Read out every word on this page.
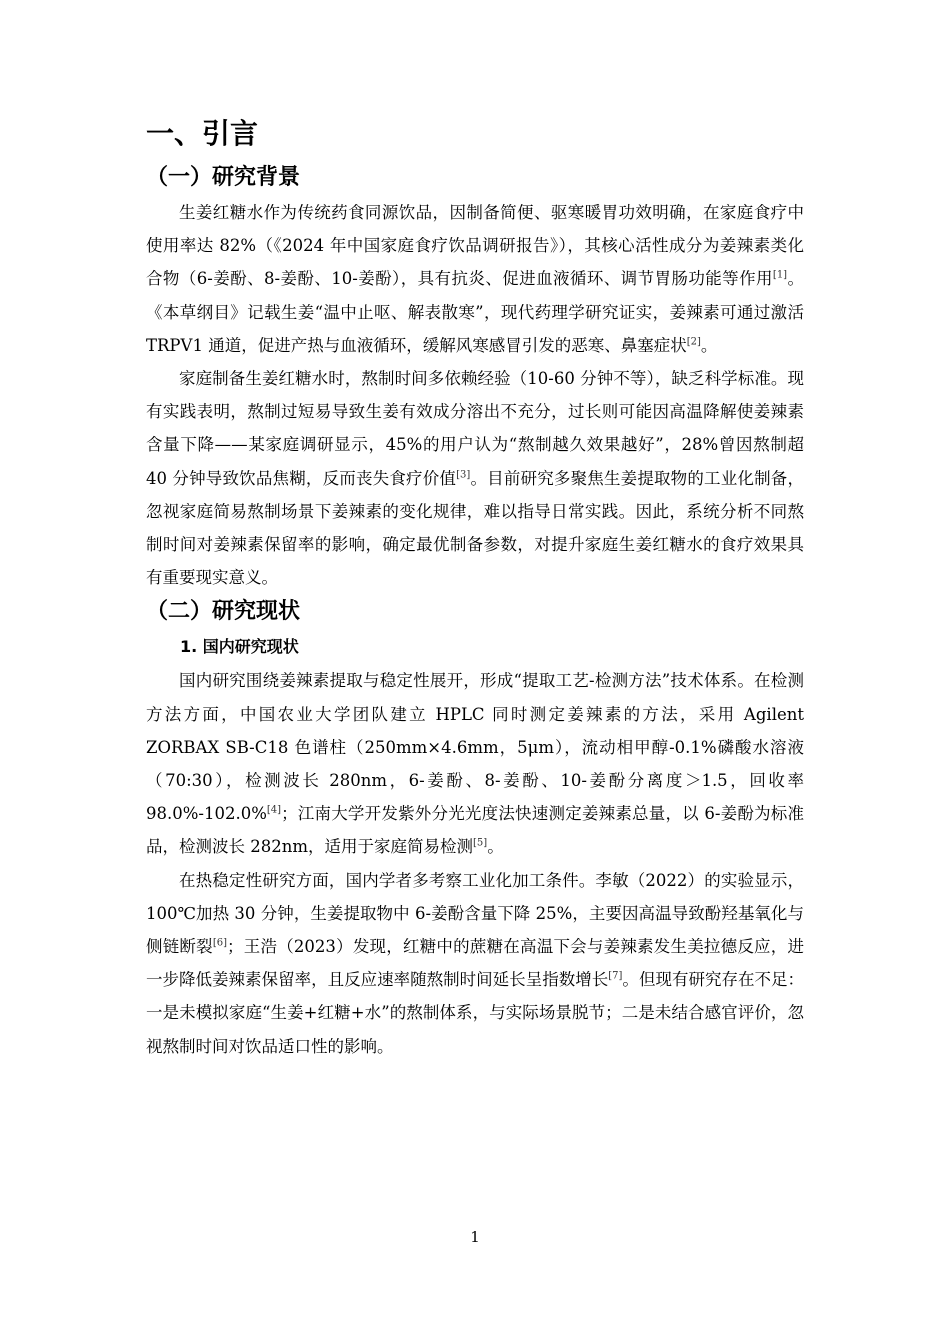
一、引言
（一）研究背景

生姜红糖水作为传统药食同源饮品，因制备简便、驱寒暖胃功效明确，在家庭食疗中使用率达 82%（《2024 年中国家庭食疗饮品调研报告》），其核心活性成分为姜辣素类化合物（6-姜酚、8-姜酚、10-姜酚），具有抗炎、促进血液循环、调节胃肠功能等作用[1]。《本草纲目》记载生姜“温中止呕、解表散寒”，现代药理学研究证实，姜辣素可通过激活 TRPV1 通道，促进产热与血液循环，缓解风寒感冒引发的恶寒、鼻塞症状[2]。

家庭制备生姜红糖水时，熬制时间多依赖经验（10-60 分钟不等），缺乏科学标准。现有实践表明，熬制过短易导致生姜有效成分溶出不充分，过长则可能因高温降解使姜辣素含量下降——某家庭调研显示，45%的用户认为“熬制越久效果越好”，28%曾因熬制超 40 分钟导致饮品焦糊，反而丧失食疗价值[3]。目前研究多聚焦生姜提取物的工业化制备，忽视家庭简易熬制场景下姜辣素的变化规律，难以指导日常实践。因此，系统分析不同熬制时间对姜辣素保留率的影响，确定最优制备参数，对提升家庭生姜红糖水的食疗效果具有重要现实意义。

（二）研究现状
1. 国内研究现状

国内研究围绕姜辣素提取与稳定性展开，形成“提取工艺-检测方法”技术体系。在检测方法方面，中国农业大学团队建立 HPLC 同时测定姜辣素的方法，采用 Agilent ZORBAX SB-C18 色谱柱（250mm×4.6mm，5μm），流动相甲醇-0.1%磷酸水溶液（70:30），检测波长 280nm，6-姜酚、8-姜酚、10-姜酚分离度＞1.5，回收率 98.0%-102.0%[4]；江南大学开发紫外分光光度法快速测定姜辣素总量，以 6-姜酚为标准品，检测波长 282nm，适用于家庭简易检测[5]。

在热稳定性研究方面，国内学者多考察工业化加工条件。李敏（2022）的实验显示，100℃加热 30 分钟，生姜提取物中 6-姜酚含量下降 25%，主要因高温导致酚羟基氧化与侧链断裂[6]；王浩（2023）发现，红糖中的蔗糖在高温下会与姜辣素发生美拉德反应，进一步降低姜辣素保留率，且反应速率随熬制时间延长呈指数增长[7]。但现有研究存在不足：一是未模拟家庭“生姜+红糖+水”的熬制体系，与实际场景脱节；二是未结合感官评价，忽视熬制时间对饮品适口性的影响。

1
